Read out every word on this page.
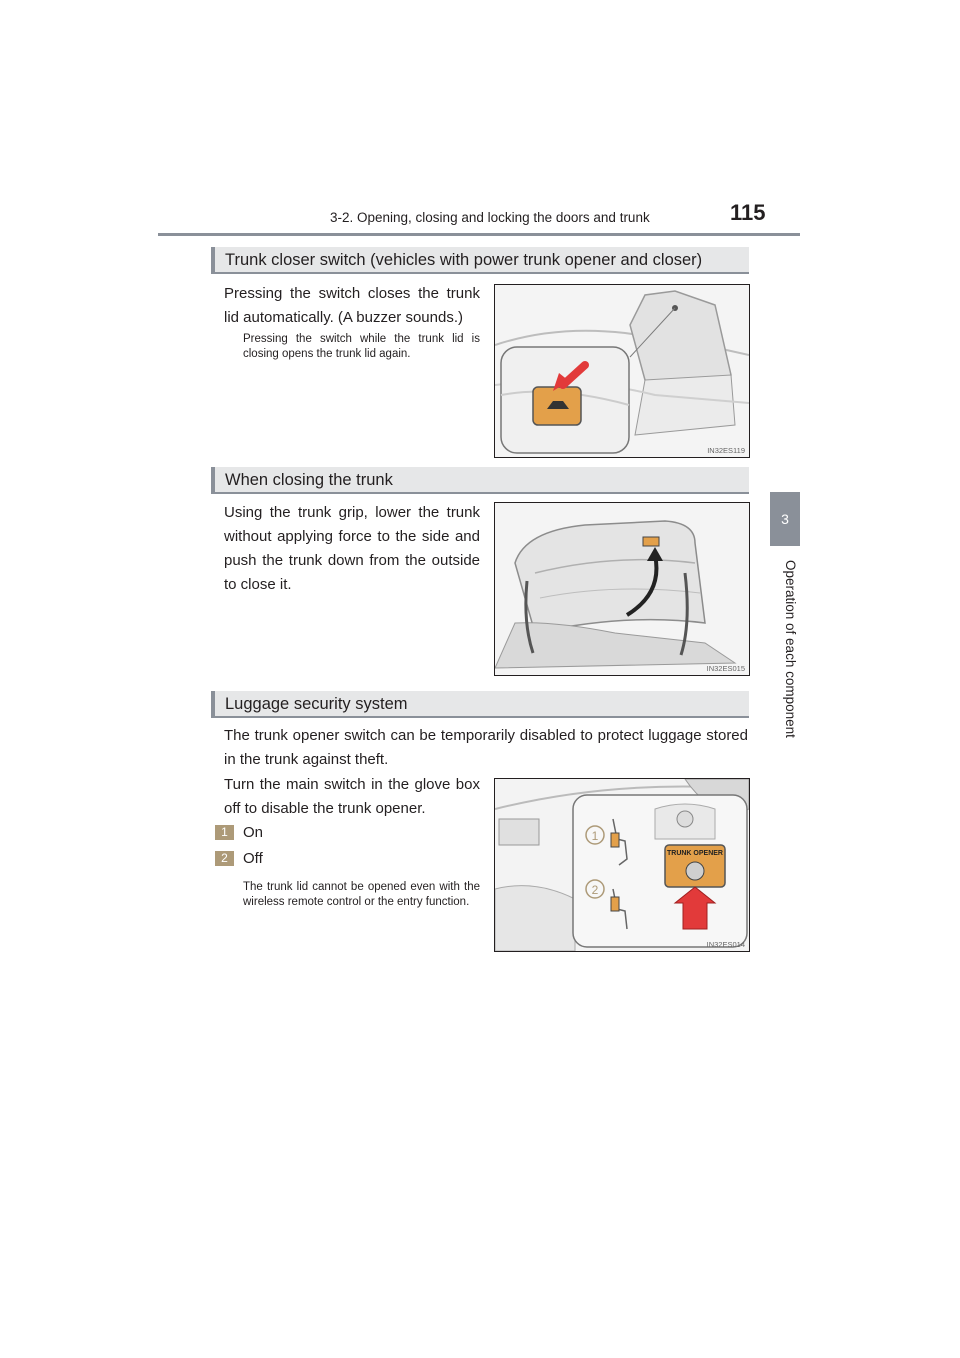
3-2. Opening, closing and locking the doors and trunk	115
3
Operation of each component
Trunk closer switch (vehicles with power trunk opener and closer)
Pressing the switch closes the trunk lid automatically. (A buzzer sounds.)
Pressing the switch while the trunk lid is closing opens the trunk lid again.
IN32ES119
When closing the trunk
Using the trunk grip, lower the trunk without applying force to the side and push the trunk down from the outside to close it.
IN32ES015
Luggage security system
The trunk opener switch can be temporarily disabled to protect luggage stored in the trunk against theft.
Turn the main switch in the glove box off to disable the trunk opener.
1	On
2	Off
The trunk lid cannot be opened even with the wireless remote control or the entry function.
1
2
TRUNK OPENER
IN32ES014
